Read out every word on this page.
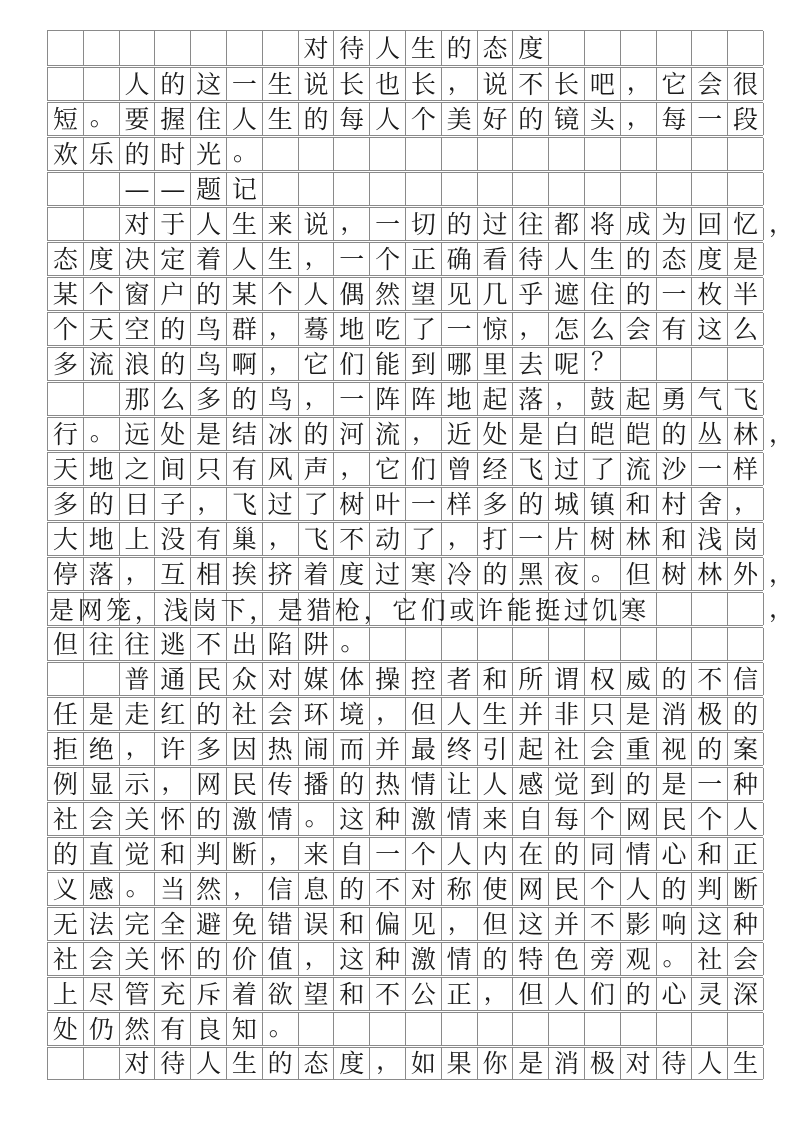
对 待 人 生 的 态 度
人 的 这 一 生 说 长 也 长 ， 说 不 长 吧 ， 它 会 很
短 。 要 握 住 人 生 的 每 人 个 美 好 的 镜 头 ， 每 一 段
欢 乐 的 时 光 。
— — 题 记
对 于 人 生 来 说 ， 一 切 的 过 往 都 将 成 为 回 忆 ，
态 度 决 定 着 人 生 ， 一 个 正 确 看 待 人 生 的 态 度 是
某 个 窗 户 的 某 个 人 偶 然 望 见 几 乎 遮 住 的 一 枚 半
个 天 空 的 鸟 群 ， 蓦 地 吃 了 一 惊 ， 怎 么 会 有 这 么
多 流 浪 的 鸟 啊 ， 它 们 能 到 哪 里 去 呢 ？
那 么 多 的 鸟 ， 一 阵 阵 地 起 落 ， 鼓 起 勇 气 飞
行 。 远 处 是 结 冰 的 河 流 ， 近 处 是 白 皑 皑 的 丛 林 ，
天 地 之 间 只 有 风 声 ， 它 们 曾 经 飞 过 了 流 沙 一 样
多 的 日 子 ， 飞 过 了 树 叶 一 样 多 的 城 镇 和 村 舍 ，
大 地 上 没 有 巢 ， 飞 不 动 了 ， 打 一 片 树 林 和 浅 岗
停 落 ， 互 相 挨 挤 着 度 过 寒 冷 的 黑 夜 。 但 树 林 外 ，
是网笼，浅岗下，是猎枪，它们或许能挺过饥寒	，
但 往 往 逃 不 出 陷 阱 。
普 通 民 众 对 媒 体 操 控 者 和 所 谓 权 威 的 不 信
任 是 走 红 的 社 会 环 境 ， 但 人 生 并 非 只 是 消 极 的
拒 绝 ， 许 多 因 热 闹 而 并 最 终 引 起 社 会 重 视 的 案
例 显 示 ， 网 民 传 播 的 热 情 让 人 感 觉 到 的 是 一 种
社 会 关 怀 的 激 情 。 这 种 激 情 来 自 每 个 网 民 个 人
的 直 觉 和 判 断 ， 来 自 一 个 人 内 在 的 同 情 心 和 正
义 感 。 当 然 ， 信 息 的 不 对 称 使 网 民 个 人 的 判 断
无 法 完 全 避 免 错 误 和 偏 见 ， 但 这 并 不 影 响 这 种
社 会 关 怀 的 价 值 ， 这 种 激 情 的 特 色 旁 观 。 社 会
上 尽 管 充 斥 着 欲 望 和 不 公 正 ， 但 人 们 的 心 灵 深
处 仍 然 有 良 知 。
对 待 人 生 的 态 度 ， 如 果 你 是 消 极 对 待 人 生
